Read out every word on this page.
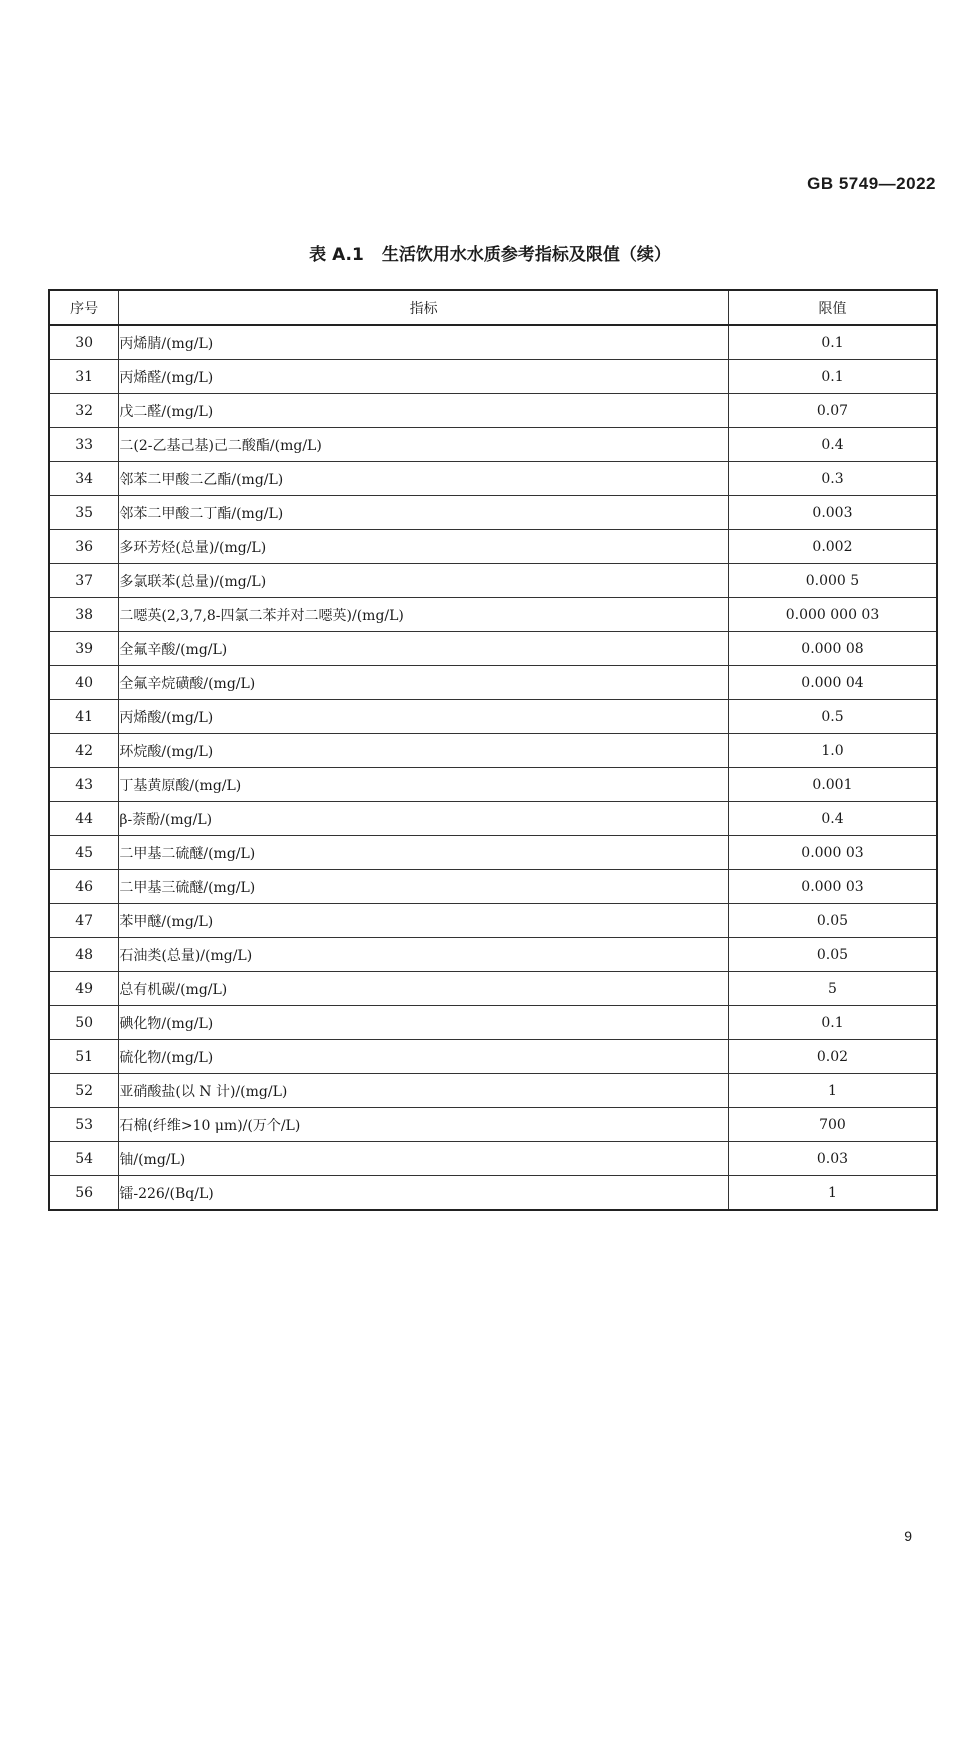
GB 5749—2022
表 A.1 生活饮用水水质参考指标及限值（续）
序号	指标	限值
30	丙烯腈/(mg/L)	0.1
31	丙烯醛/(mg/L)	0.1
32	戊二醛/(mg/L)	0.07
33	二(2-乙基己基)己二酸酯/(mg/L)	0.4
34	邻苯二甲酸二乙酯/(mg/L)	0.3
35	邻苯二甲酸二丁酯/(mg/L)	0.003
36	多环芳烃(总量)/(mg/L)	0.002
37	多氯联苯(总量)/(mg/L)	0.000 5
38	二噁英(2,3,7,8-四氯二苯并对二噁英)/(mg/L)	0.000 000 03
39	全氟辛酸/(mg/L)	0.000 08
40	全氟辛烷磺酸/(mg/L)	0.000 04
41	丙烯酸/(mg/L)	0.5
42	环烷酸/(mg/L)	1.0
43	丁基黄原酸/(mg/L)	0.001
44	β-萘酚/(mg/L)	0.4
45	二甲基二硫醚/(mg/L)	0.000 03
46	二甲基三硫醚/(mg/L)	0.000 03
47	苯甲醚/(mg/L)	0.05
48	石油类(总量)/(mg/L)	0.05
49	总有机碳/(mg/L)	5
50	碘化物/(mg/L)	0.1
51	硫化物/(mg/L)	0.02
52	亚硝酸盐(以 N 计)/(mg/L)	1
53	石棉(纤维>10 μm)/(万个/L)	700
54	铀/(mg/L)	0.03
56	镭-226/(Bq/L)	1
9
